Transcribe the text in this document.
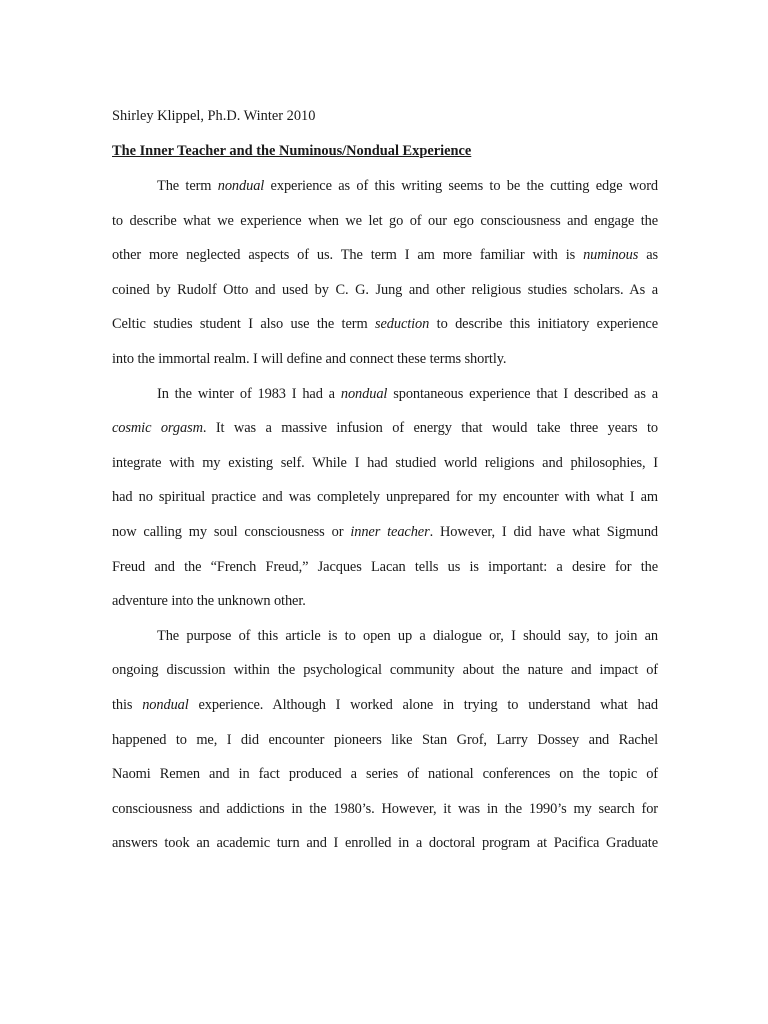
Shirley Klippel, Ph.D. Winter 2010
The Inner Teacher and the Numinous/Nondual Experience
The term nondual experience as of this writing seems to be the cutting edge word
to describe what we experience when we let go of our ego consciousness and engage the
other more neglected aspects of us. The term I am more familiar with is numinous as
coined by Rudolf Otto and used by C. G. Jung and other religious studies scholars. As a
Celtic studies student I also use the term seduction to describe this initiatory experience
into the immortal realm. I will define and connect these terms shortly.
In the winter of 1983 I had a nondual spontaneous experience that I described as a
cosmic orgasm. It was a massive infusion of energy that would take three years to
integrate with my existing self. While I had studied world religions and philosophies, I
had no spiritual practice and was completely unprepared for my encounter with what I am
now calling my soul consciousness or inner teacher. However, I did have what Sigmund
Freud and the “French Freud,” Jacques Lacan tells us is important: a desire for the
adventure into the unknown other.
The purpose of this article is to open up a dialogue or, I should say, to join an
ongoing discussion within the psychological community about the nature and impact of
this nondual experience. Although I worked alone in trying to understand what had
happened to me, I did encounter pioneers like Stan Grof, Larry Dossey and Rachel
Naomi Remen and in fact produced a series of national conferences on the topic of
consciousness and addictions in the 1980’s. However, it was in the 1990’s my search for
answers took an academic turn and I enrolled in a doctoral program at Pacifica Graduate
